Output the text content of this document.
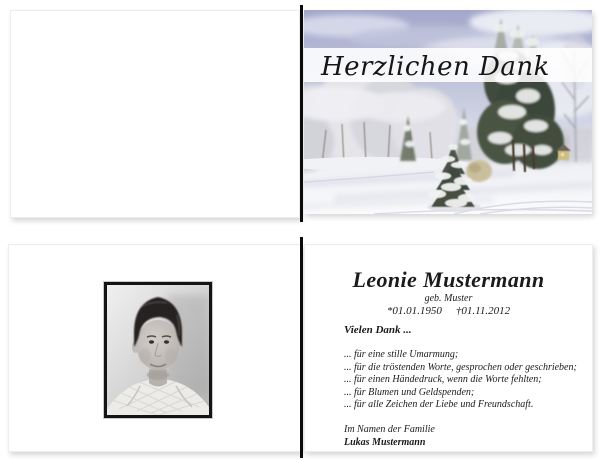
Herzlichen Dank
Leonie Mustermann
geb. Muster
*01.01.1950 †01.11.2012
Vielen Dank ...
... für eine stille Umarmung;
... für die tröstenden Worte, gesprochen oder geschrieben;
... für einen Händedruck, wenn die Worte fehlten;
... für Blumen und Geldspenden;
... für alle Zeichen der Liebe und Freundschaft.
Im Namen der Familie
Lukas Mustermann
